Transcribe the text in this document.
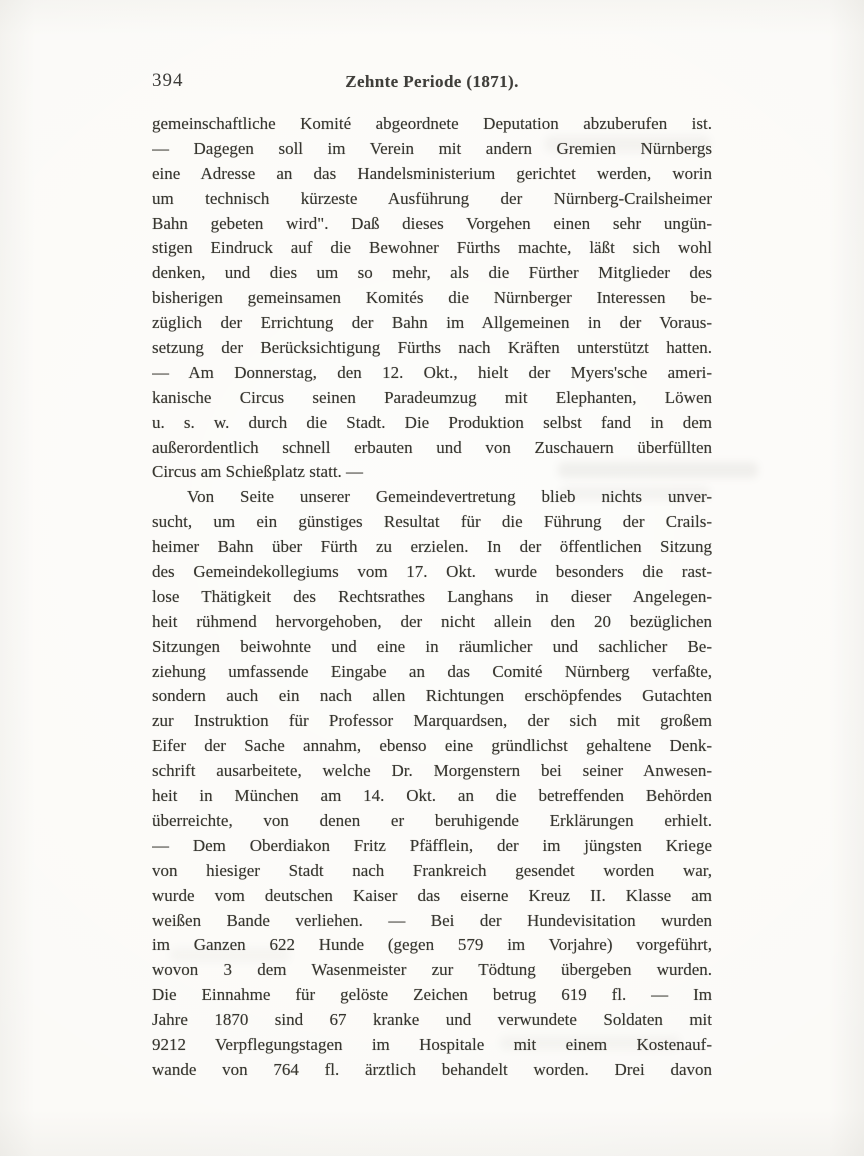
394	Zehnte Periode (1871).
gemeinschaftliche Komité abgeordnete Deputation abzuberufen ist.
— Dagegen soll im Verein mit andern Gremien Nürnbergs
eine Adresse an das Handelsministerium gerichtet werden, worin
um technisch kürzeste Ausführung der Nürnberg-Crailsheimer
Bahn gebeten wird". Daß dieses Vorgehen einen sehr ungün-
stigen Eindruck auf die Bewohner Fürths machte, läßt sich wohl
denken, und dies um so mehr, als die Fürther Mitglieder des
bisherigen gemeinsamen Komités die Nürnberger Interessen be-
züglich der Errichtung der Bahn im Allgemeinen in der Voraus-
setzung der Berücksichtigung Fürths nach Kräften unterstützt hatten.
— Am Donnerstag, den 12. Okt., hielt der Myers'sche ameri-
kanische Circus seinen Paradeumzug mit Elephanten, Löwen
u. s. w. durch die Stadt. Die Produktion selbst fand in dem
außerordentlich schnell erbauten und von Zuschauern überfüllten
Circus am Schießplatz statt. —
Von Seite unserer Gemeindevertretung blieb nichts unver-
sucht, um ein günstiges Resultat für die Führung der Crails-
heimer Bahn über Fürth zu erzielen. In der öffentlichen Sitzung
des Gemeindekollegiums vom 17. Okt. wurde besonders die rast-
lose Thätigkeit des Rechtsrathes Langhans in dieser Angelegen-
heit rühmend hervorgehoben, der nicht allein den 20 bezüglichen
Sitzungen beiwohnte und eine in räumlicher und sachlicher Be-
ziehung umfassende Eingabe an das Comité Nürnberg verfaßte,
sondern auch ein nach allen Richtungen erschöpfendes Gutachten
zur Instruktion für Professor Marquardsen, der sich mit großem
Eifer der Sache annahm, ebenso eine gründlichst gehaltene Denk-
schrift ausarbeitete, welche Dr. Morgenstern bei seiner Anwesen-
heit in München am 14. Okt. an die betreffenden Behörden
überreichte, von denen er beruhigende Erklärungen erhielt.
— Dem Oberdiakon Fritz Pfäfflein, der im jüngsten Kriege
von hiesiger Stadt nach Frankreich gesendet worden war,
wurde vom deutschen Kaiser das eiserne Kreuz II. Klasse am
weißen Bande verliehen. — Bei der Hundevisitation wurden
im Ganzen 622 Hunde (gegen 579 im Vorjahre) vorgeführt,
wovon 3 dem Wasenmeister zur Tödtung übergeben wurden.
Die Einnahme für gelöste Zeichen betrug 619 fl. — Im
Jahre 1870 sind 67 kranke und verwundete Soldaten mit
9212 Verpflegungstagen im Hospitale mit einem Kostenauf-
wande von 764 fl. ärztlich behandelt worden. Drei davon
